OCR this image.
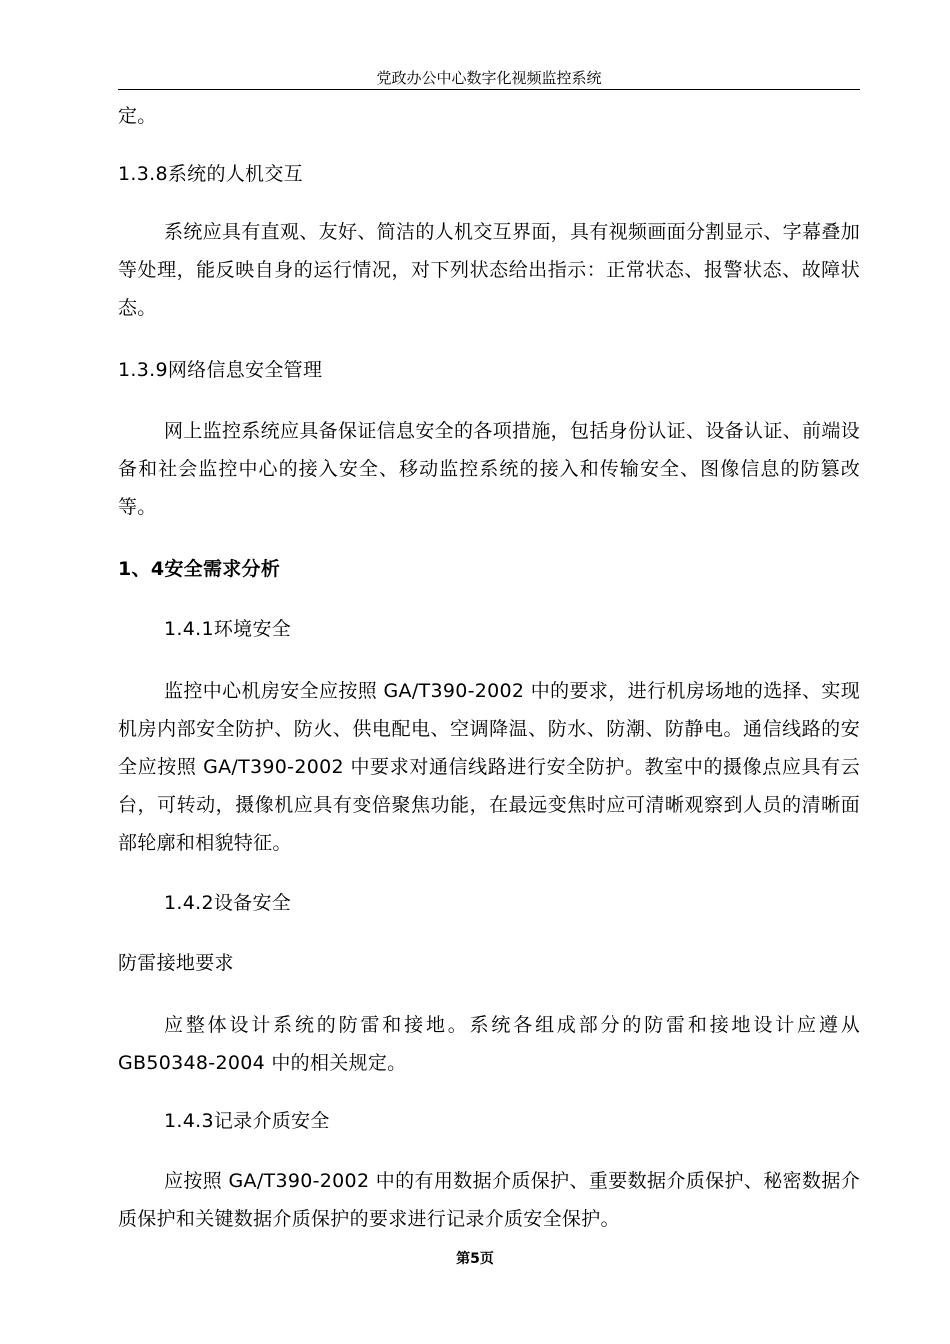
党政办公中心数字化视频监控系统

定。

1.3.8系统的人机交互

系统应具有直观、友好、简洁的人机交互界面，具有视频画面分割显示、字幕叠加等处理，能反映自身的运行情况，对下列状态给出指示：正常状态、报警状态、故障状态。

1.3.9网络信息安全管理

网上监控系统应具备保证信息安全的各项措施，包括身份认证、设备认证、前端设备和社会监控中心的接入安全、移动监控系统的接入和传输安全、图像信息的防篡改等。

1、4安全需求分析

1.4.1环境安全

监控中心机房安全应按照 GA/T390-2002 中的要求，进行机房场地的选择、实现机房内部安全防护、防火、供电配电、空调降温、防水、防潮、防静电。通信线路的安全应按照 GA/T390-2002 中要求对通信线路进行安全防护。教室中的摄像点应具有云台，可转动，摄像机应具有变倍聚焦功能，在最远变焦时应可清晰观察到人员的清晰面部轮廓和相貌特征。

1.4.2设备安全

防雷接地要求

应整体设计系统的防雷和接地。系统各组成部分的防雷和接地设计应遵从 GB50348-2004 中的相关规定。

1.4.3记录介质安全

应按照 GA/T390-2002 中的有用数据介质保护、重要数据介质保护、秘密数据介质保护和关键数据介质保护的要求进行记录介质安全保护。

第5页
